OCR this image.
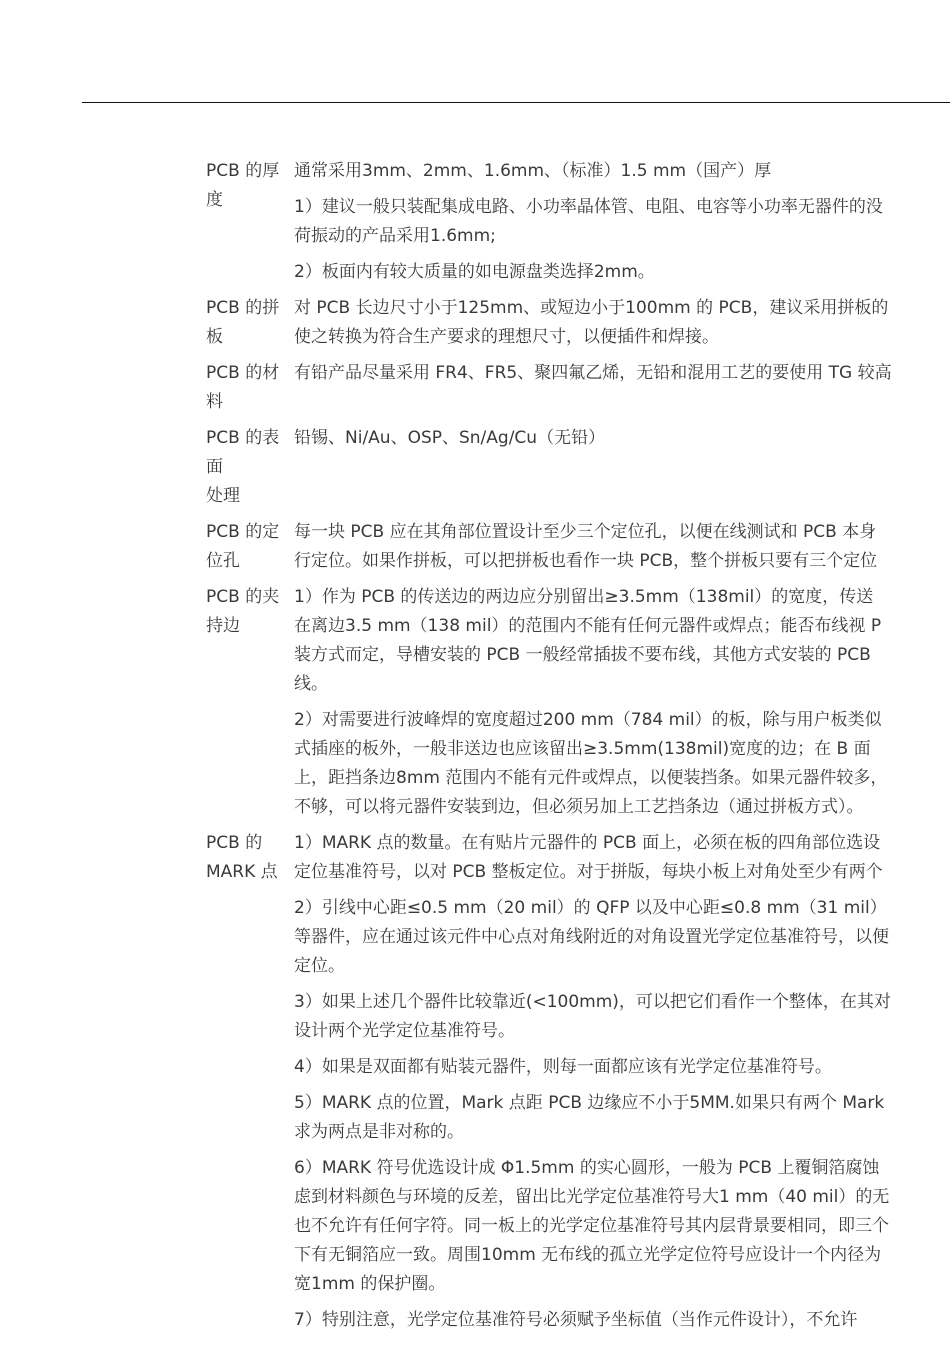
PCB 的厚
度
通常采用3mm、2mm、1.6mm、（标准）1.5 mm（国产）厚
1）建议一般只装配集成电路、小功率晶体管、电阻、电容等小功率无器件的没
荷振动的产品采用1.6mm;
2）板面内有较大质量的如电源盘类选择2mm。
PCB 的拼
板
对 PCB 长边尺寸小于125mm、或短边小于100mm 的 PCB，建议采用拼板的
使之转换为符合生产要求的理想尺寸，以便插件和焊接。
PCB 的材
料
有铅产品尽量采用 FR4、FR5、聚四氟乙烯，无铅和混用工艺的要使用 TG 较高
PCB 的表
面
处理
铅锡、Ni/Au、OSP、Sn/Ag/Cu（无铅）
PCB 的定
位孔
每一块 PCB 应在其角部位置设计至少三个定位孔，以便在线测试和 PCB 本身
行定位。如果作拼板，可以把拼板也看作一块 PCB，整个拼板只要有三个定位
PCB 的夹
持边
1）作为 PCB 的传送边的两边应分别留出≥3.5mm（138mil）的宽度，传送
在离边3.5 mm（138 mil）的范围内不能有任何元器件或焊点；能否布线视 P
装方式而定，导槽安装的 PCB 一般经常插拔不要布线，其他方式安装的 PCB
线。
2）对需要进行波峰焊的宽度超过200 mm（784 mil）的板，除与用户板类似
式插座的板外，一般非送边也应该留出≥3.5mm(138mil)宽度的边；在 B 面
上，距挡条边8mm 范围内不能有元件或焊点，以便装挡条。如果元器件较多，
不够，可以将元器件安装到边，但必须另加上工艺挡条边（通过拼板方式）。
PCB 的
MARK 点
1）MARK 点的数量。在有贴片元器件的 PCB 面上，必须在板的四角部位选设
定位基准符号，以对 PCB 整板定位。对于拼版，每块小板上对角处至少有两个
2）引线中心距≤0.5 mm（20 mil）的 QFP 以及中心距≤0.8 mm（31 mil）
等器件，应在通过该元件中心点对角线附近的对角设置光学定位基准符号，以便
定位。
3）如果上述几个器件比较靠近(<100mm)，可以把它们看作一个整体，在其对
设计两个光学定位基准符号。
4）如果是双面都有贴装元器件，则每一面都应该有光学定位基准符号。
5）MARK 点的位置，Mark 点距 PCB 边缘应不小于5MM.如果只有两个 Mark
求为两点是非对称的。
6）MARK 符号优选设计成 Φ1.5mm 的实心圆形，一般为 PCB 上覆铜箔腐蚀
虑到材料颜色与环境的反差，留出比光学定位基准符号大1 mm（40 mil）的无
也不允许有任何字符。同一板上的光学定位基准符号其内层背景要相同，即三个
下有无铜箔应一致。周围10mm 无布线的孤立光学定位符号应设计一个内径为
宽1mm 的保护圈。
7）特别注意，光学定位基准符号必须赋予坐标值（当作元件设计），不允许
